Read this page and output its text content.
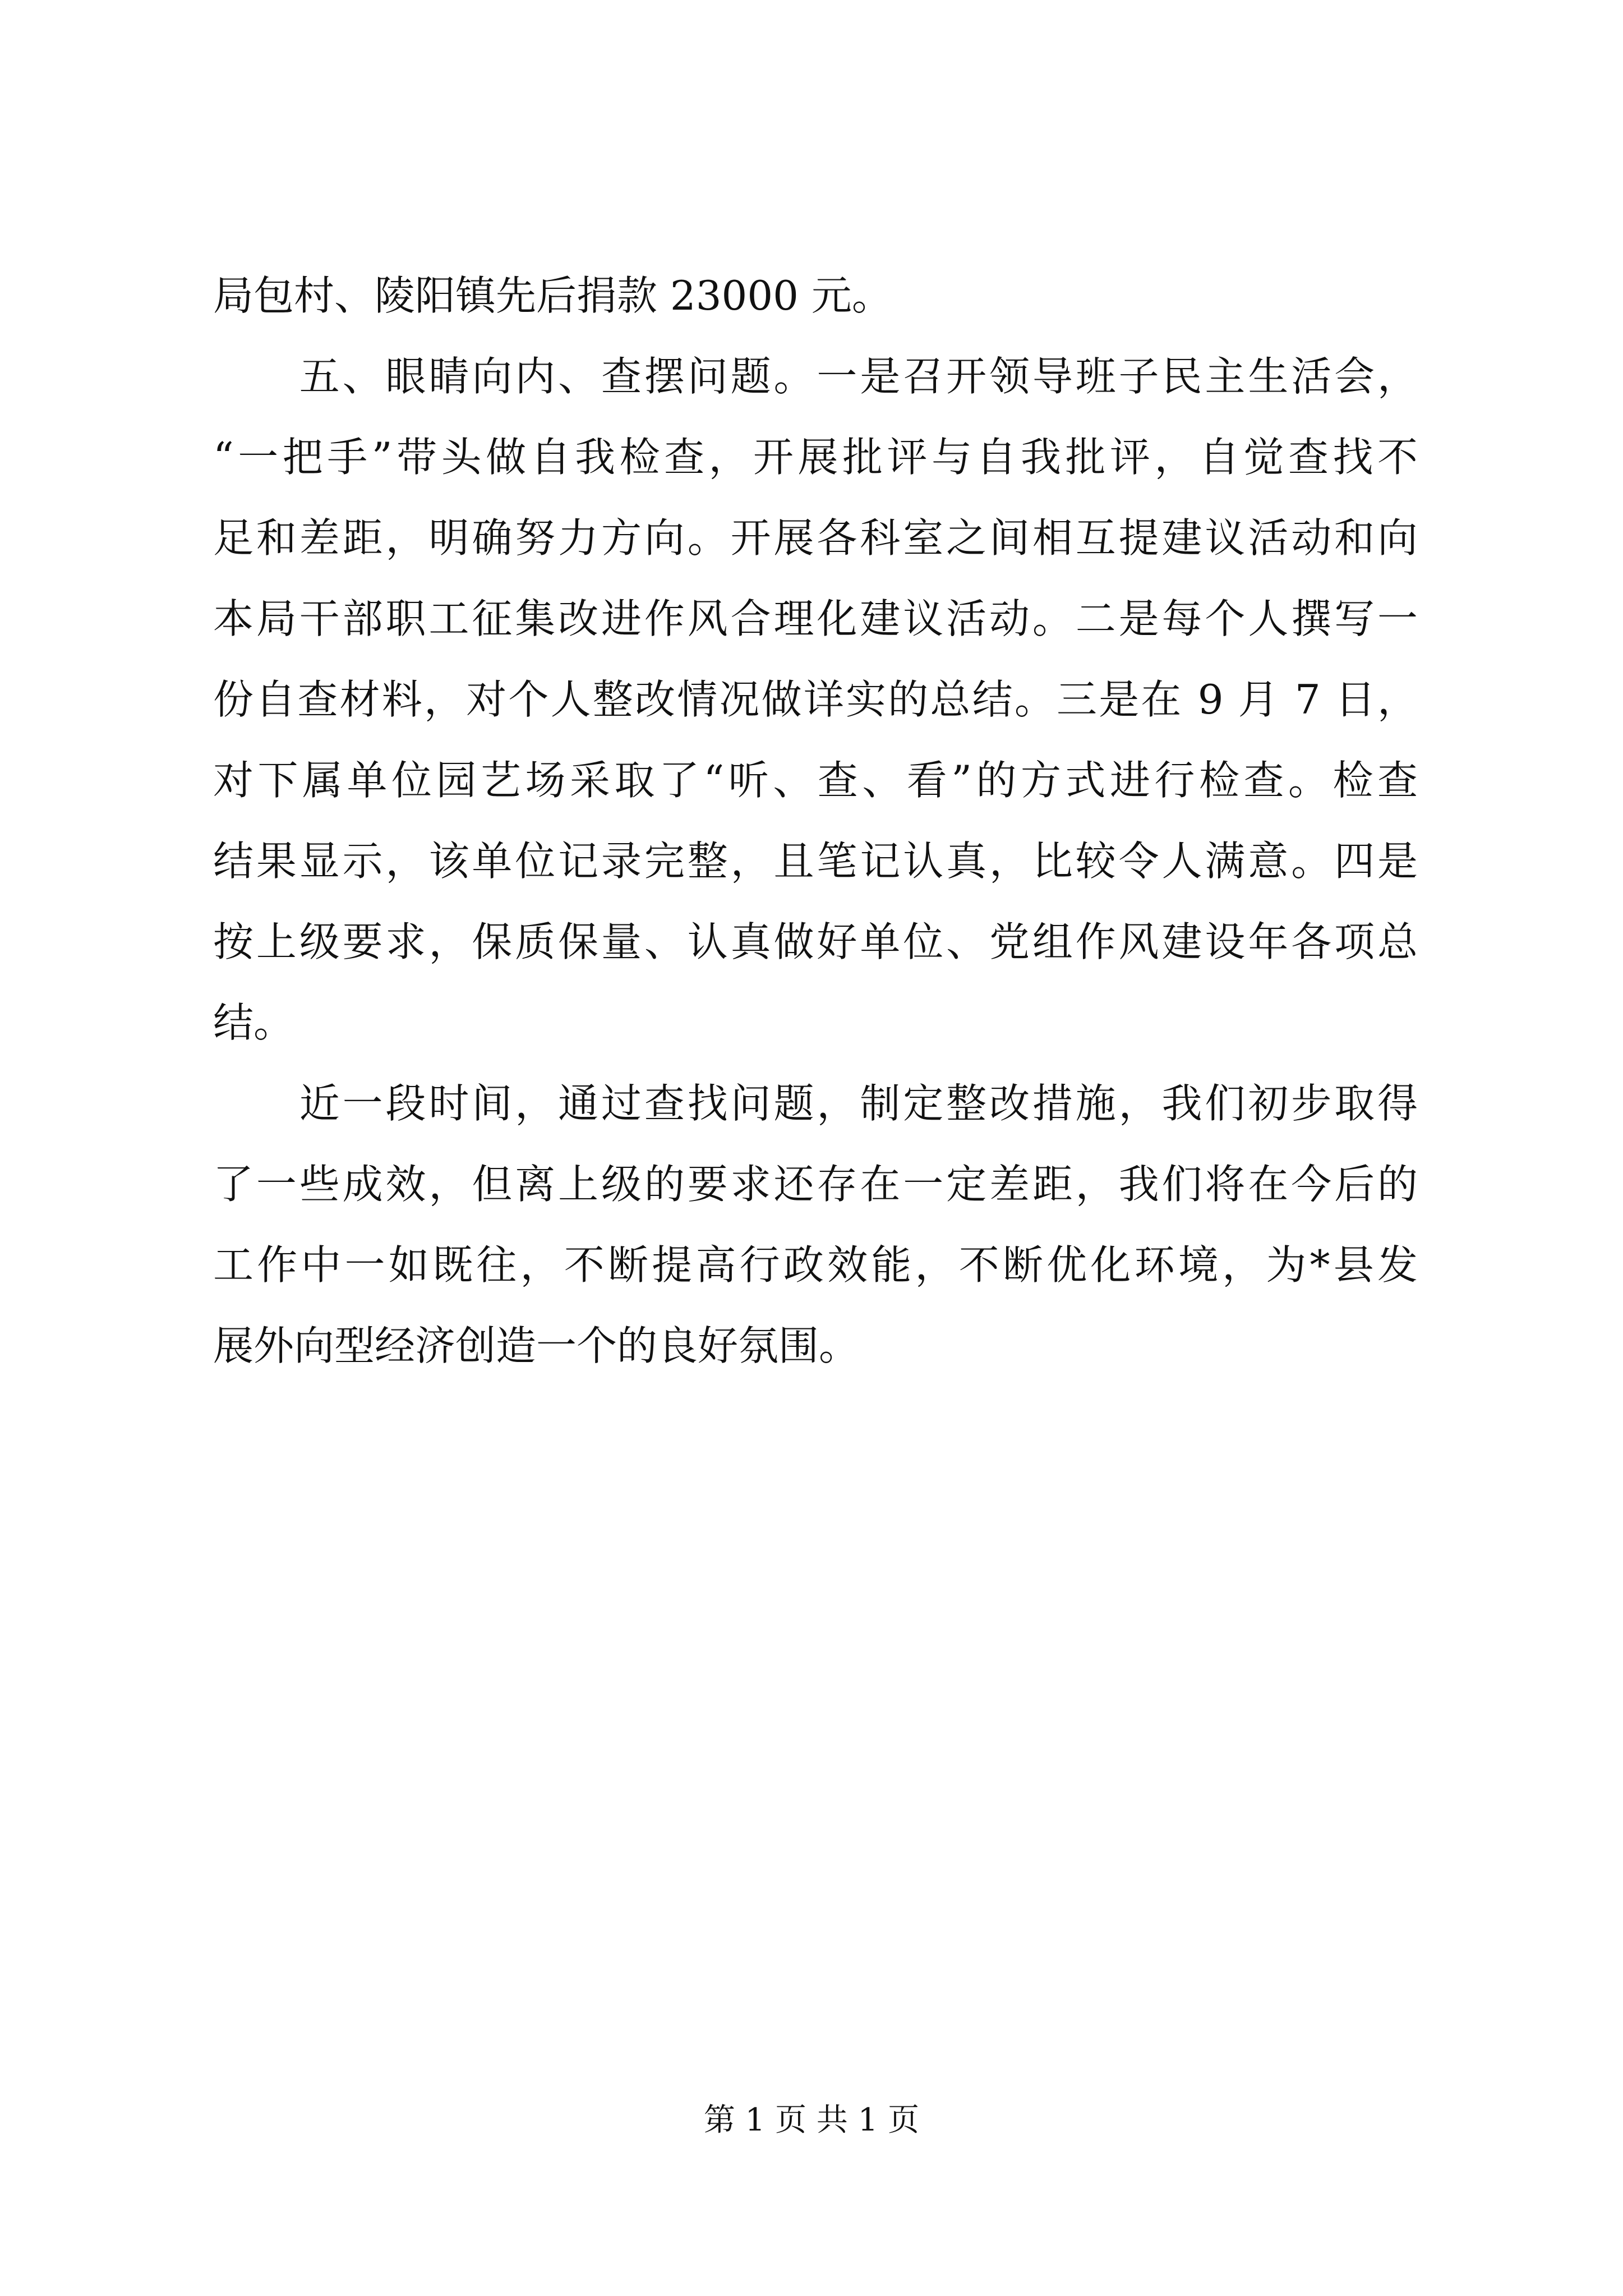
局包村、陵阳镇先后捐款 23000 元。
　　五、眼睛向内、查摆问题。一是召开领导班子民主生活会，
“一把手”带头做自我检查，开展批评与自我批评，自觉查找不
足和差距，明确努力方向。开展各科室之间相互提建议活动和向
本局干部职工征集改进作风合理化建议活动。二是每个人撰写一
份自查材料，对个人整改情况做详实的总结。三是在 9 月 7 日，
对下属单位园艺场采取了“听、查、看”的方式进行检查。检查
结果显示，该单位记录完整，且笔记认真，比较令人满意。四是
按上级要求，保质保量、认真做好单位、党组作风建设年各项总
结。
　　近一段时间，通过查找问题，制定整改措施，我们初步取得
了一些成效，但离上级的要求还存在一定差距，我们将在今后的
工作中一如既往，不断提高行政效能，不断优化环境，为*县发
展外向型经济创造一个的良好氛围。
第 1 页 共 1 页
